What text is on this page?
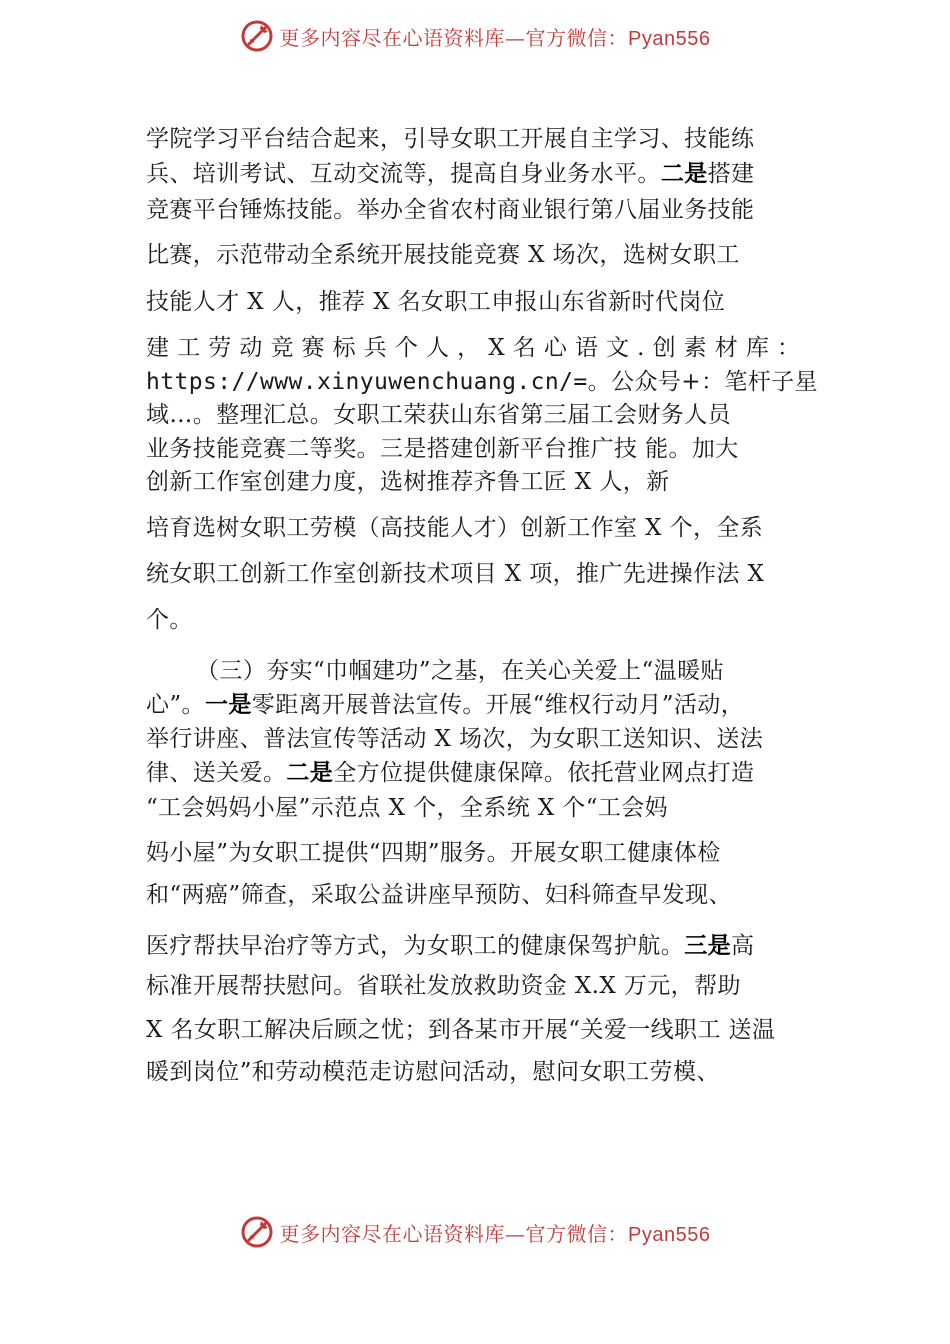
更多内容尽在心语资料库—官方微信：Pyan556
学院学习平台结合起来，引导女职工开展自主学习、技能练
兵、培训考试、互动交流等，提高自身业务水平。二是搭建
竞赛平台锤炼技能。举办全省农村商业银行第八届业务技能
比赛，示范带动全系统开展技能竞赛 X 场次，选树女职工
技能人才 X 人，推荐 X 名女职工申报山东省新时代岗位
建 工 劳 动 竞 赛 标 兵 个 人 ， X 名 心 语 文 . 创 素 材 库 ：
https://www.xinyuwenchuang.cn/=。公众号+：笔杆子星
域…。整理汇总。女职工荣获山东省第三届工会财务人员
业务技能竞赛二等奖。三是搭建创新平台推广技 能。加大
创新工作室创建力度，选树推荐齐鲁工匠 X 人，新
培育选树女职工劳模（高技能人才）创新工作室 X 个，全系
统女职工创新工作室创新技术项目 X 项，推广先进操作法 X
个。
（三）夯实“巾帼建功”之基，在关心关爱上“温暖贴
心”。一是零距离开展普法宣传。开展“维权行动月”活动，
举行讲座、普法宣传等活动 X 场次，为女职工送知识、送法
律、送关爱。二是全方位提供健康保障。依托营业网点打造
“工会妈妈小屋”示范点 X 个，全系统 X 个“工会妈
妈小屋”为女职工提供“四期”服务。开展女职工健康体检
和“两癌”筛查，采取公益讲座早预防、妇科筛查早发现、
医疗帮扶早治疗等方式，为女职工的健康保驾护航。三是高
标准开展帮扶慰问。省联社发放救助资金 X.X 万元，帮助
X 名女职工解决后顾之忧；到各某市开展“关爱一线职工 送温
暖到岗位”和劳动模范走访慰问活动，慰问女职工劳模、
更多内容尽在心语资料库—官方微信：Pyan556
